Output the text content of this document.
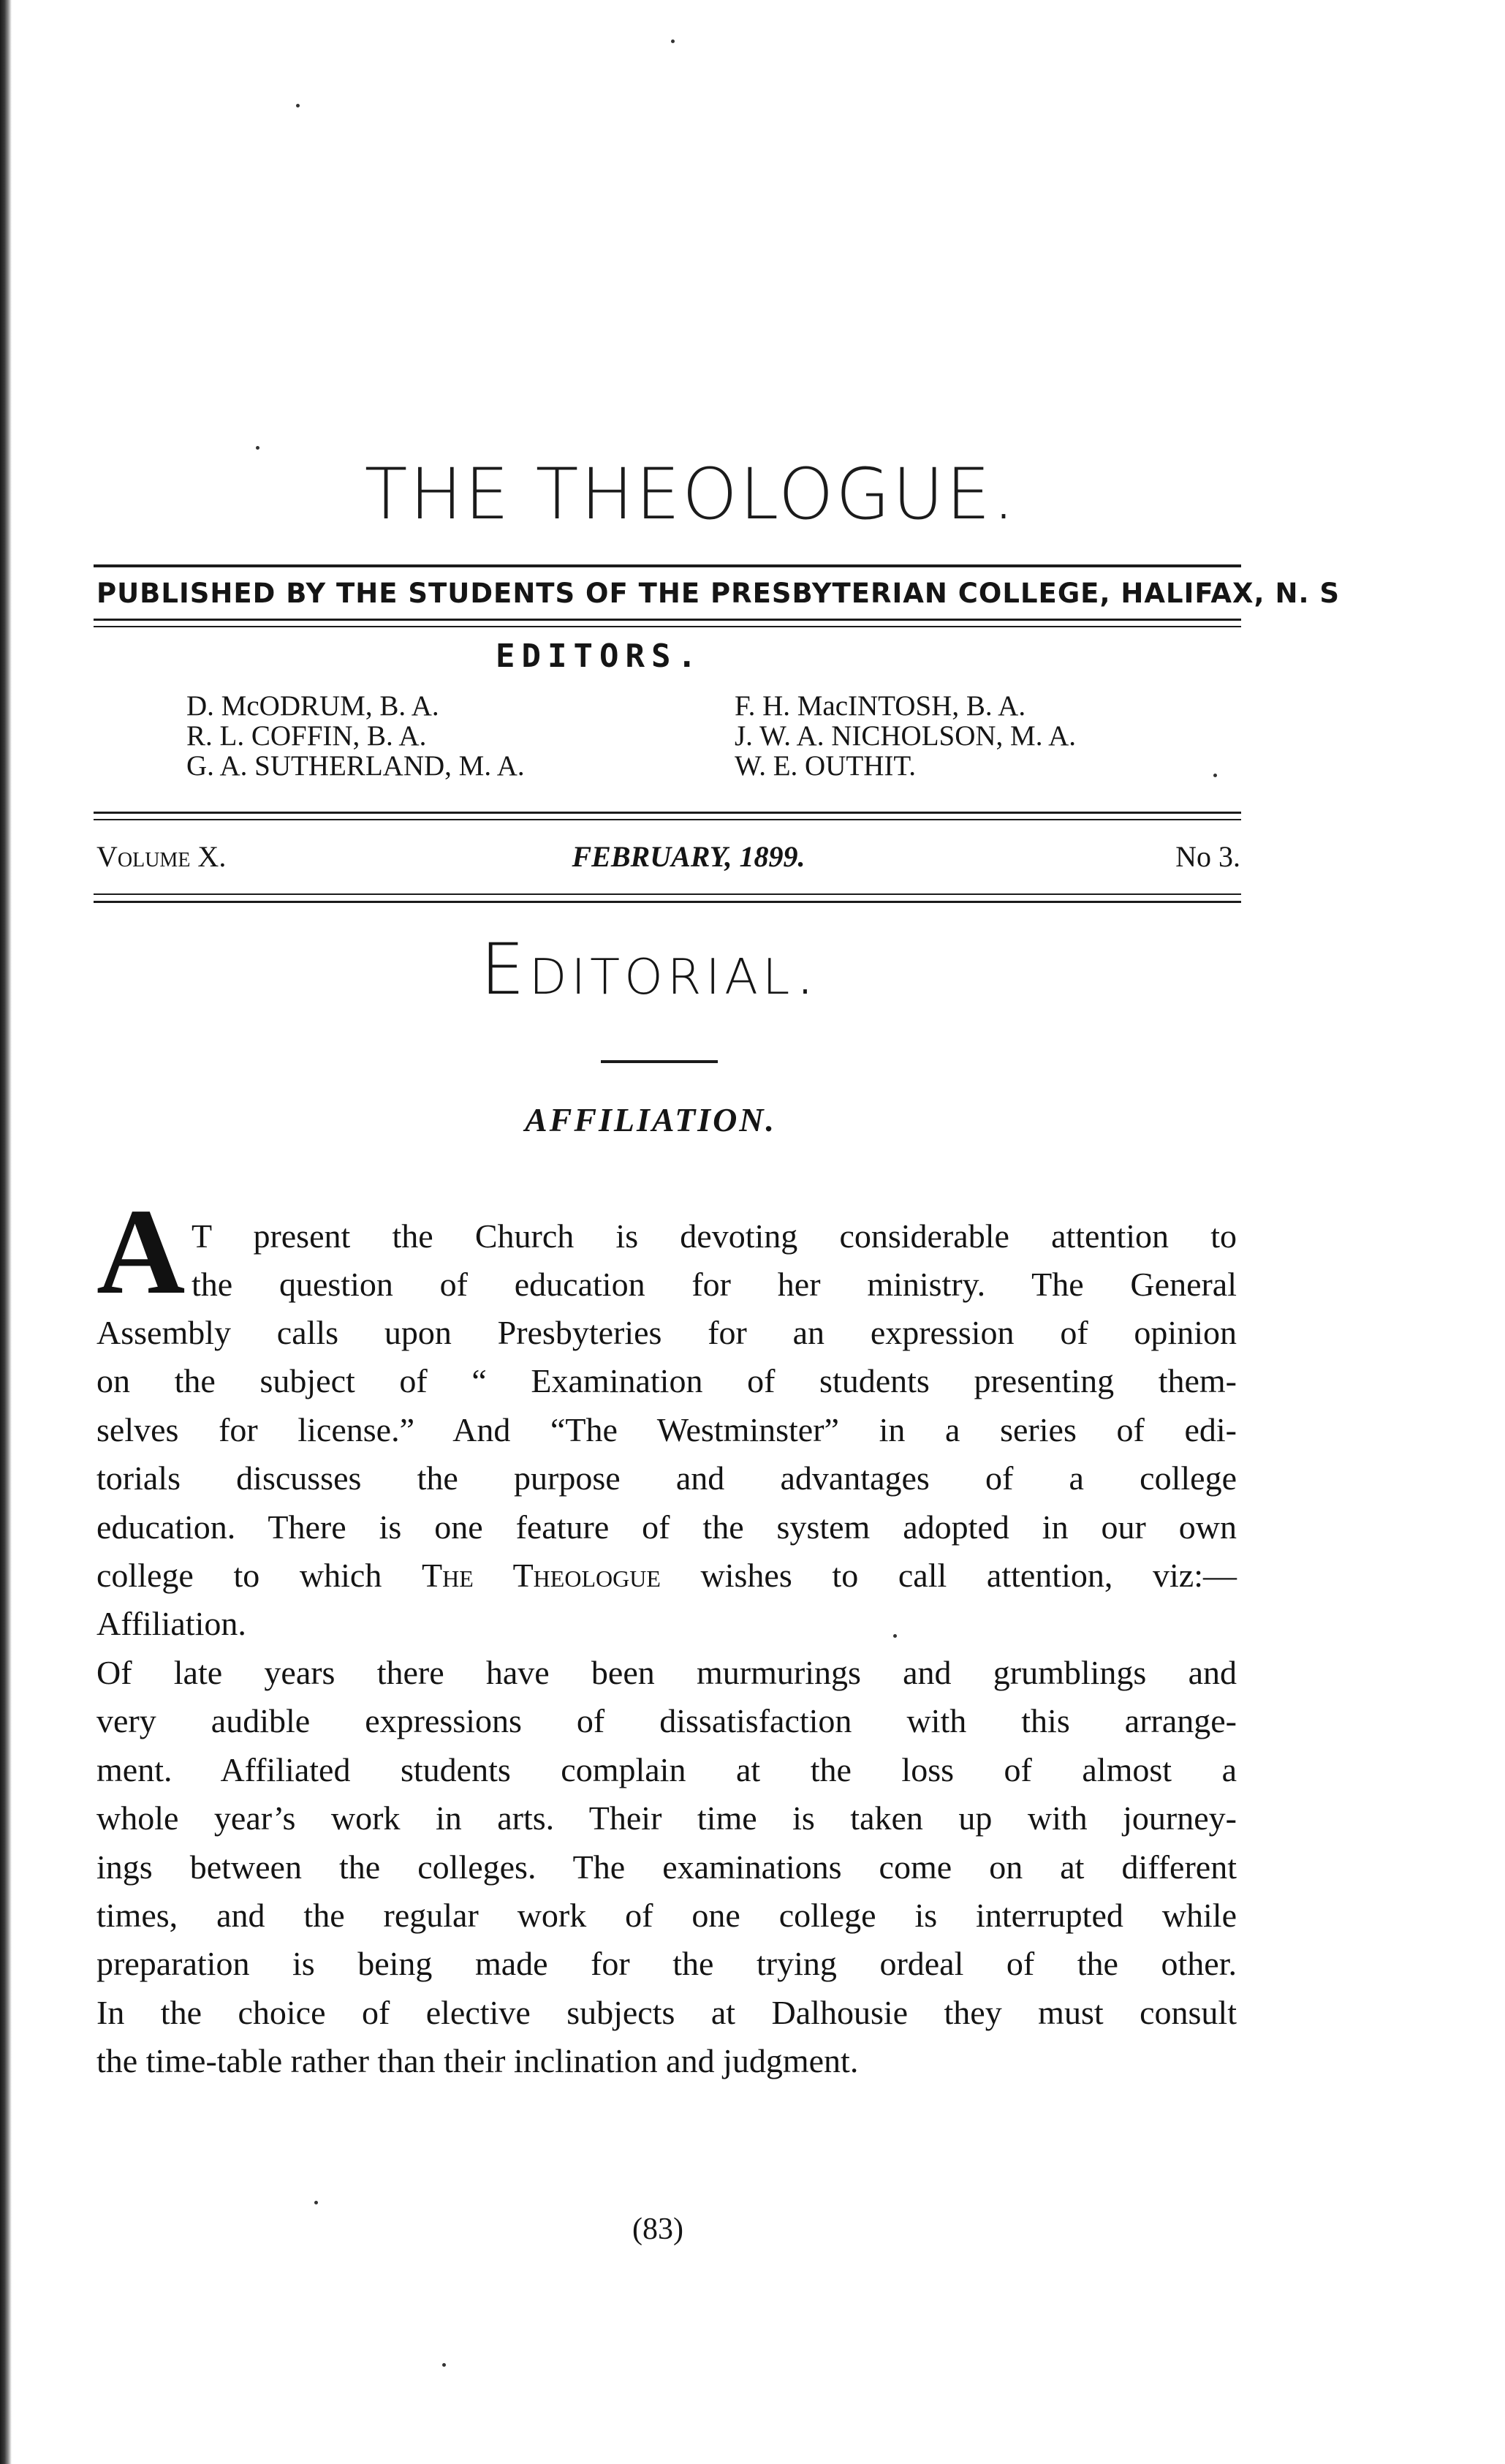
THE THEOLOGUE.
PUBLISHED BY THE STUDENTS OF THE PRESBYTERIAN COLLEGE, HALIFAX, N. S
EDITORS.
D. McODRUM, B. A.
R. L. COFFIN, B. A.
G. A. SUTHERLAND, M. A.
F. H. MacINTOSH, B. A.
J. W. A. NICHOLSON, M. A.
W. E. OUTHIT.
Volume X.	FEBRUARY, 1899.	No 3.
Editorial.
AFFILIATION.
A T present the Church is devoting considerable attention to
the question of education for her ministry. The General
Assembly calls upon Presbyteries for an expression of opinion
on the subject of “ Examination of students presenting them-
selves for license.” And “The Westminster” in a series of edi-
torials discusses the purpose and advantages of a college
education. There is one feature of the system adopted in our own
college to which The Theologue wishes to call attention, viz:—
Affiliation.
Of late years there have been murmurings and grumblings and
very audible expressions of dissatisfaction with this arrange-
ment. Affiliated students complain at the loss of almost a
whole year’s work in arts. Their time is taken up with journey-
ings between the colleges. The examinations come on at different
times, and the regular work of one college is interrupted while
preparation is being made for the trying ordeal of the other.
In the choice of elective subjects at Dalhousie they must consult
the time-table rather than their inclination and judgment.
(83)
